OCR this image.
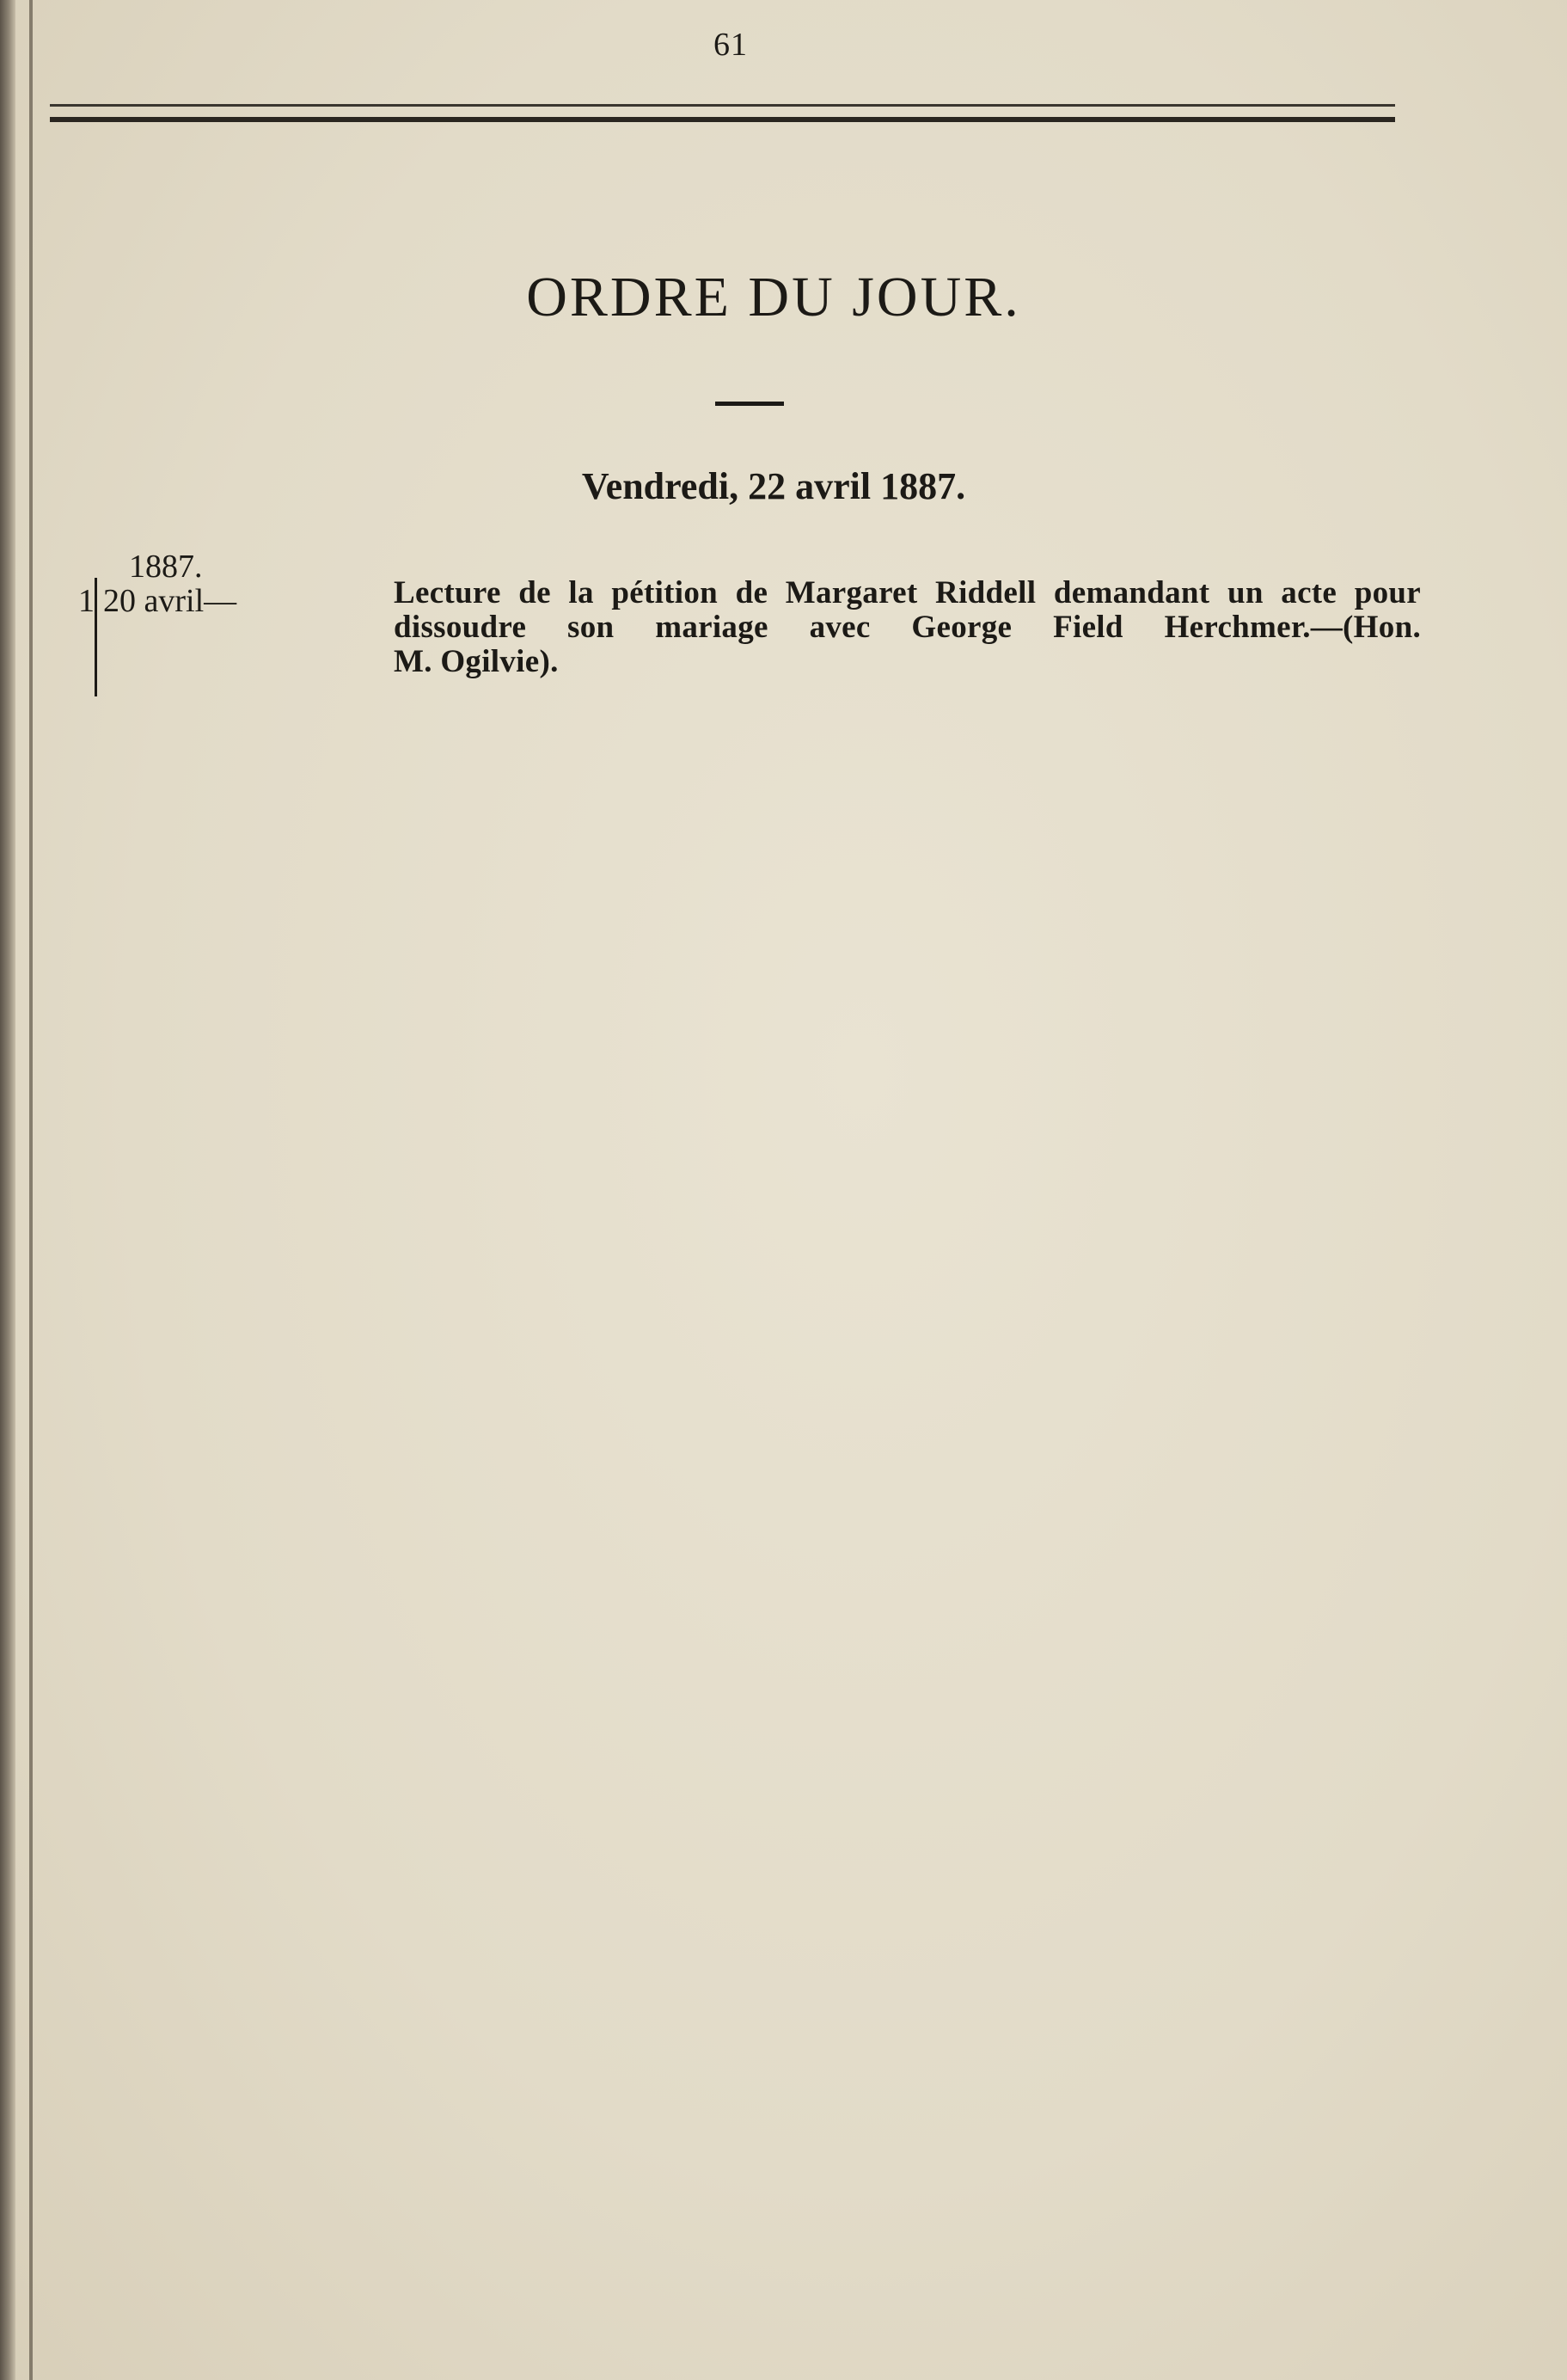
61
ORDRE DU JOUR.
Vendredi, 22 avril 1887.
1887.
1 20 avril—	Lecture de la pétition de Margaret Riddell demandant un acte pour
dissoudre son mariage avec George Field Herchmer.—(Hon.
M. Ogilvie).
